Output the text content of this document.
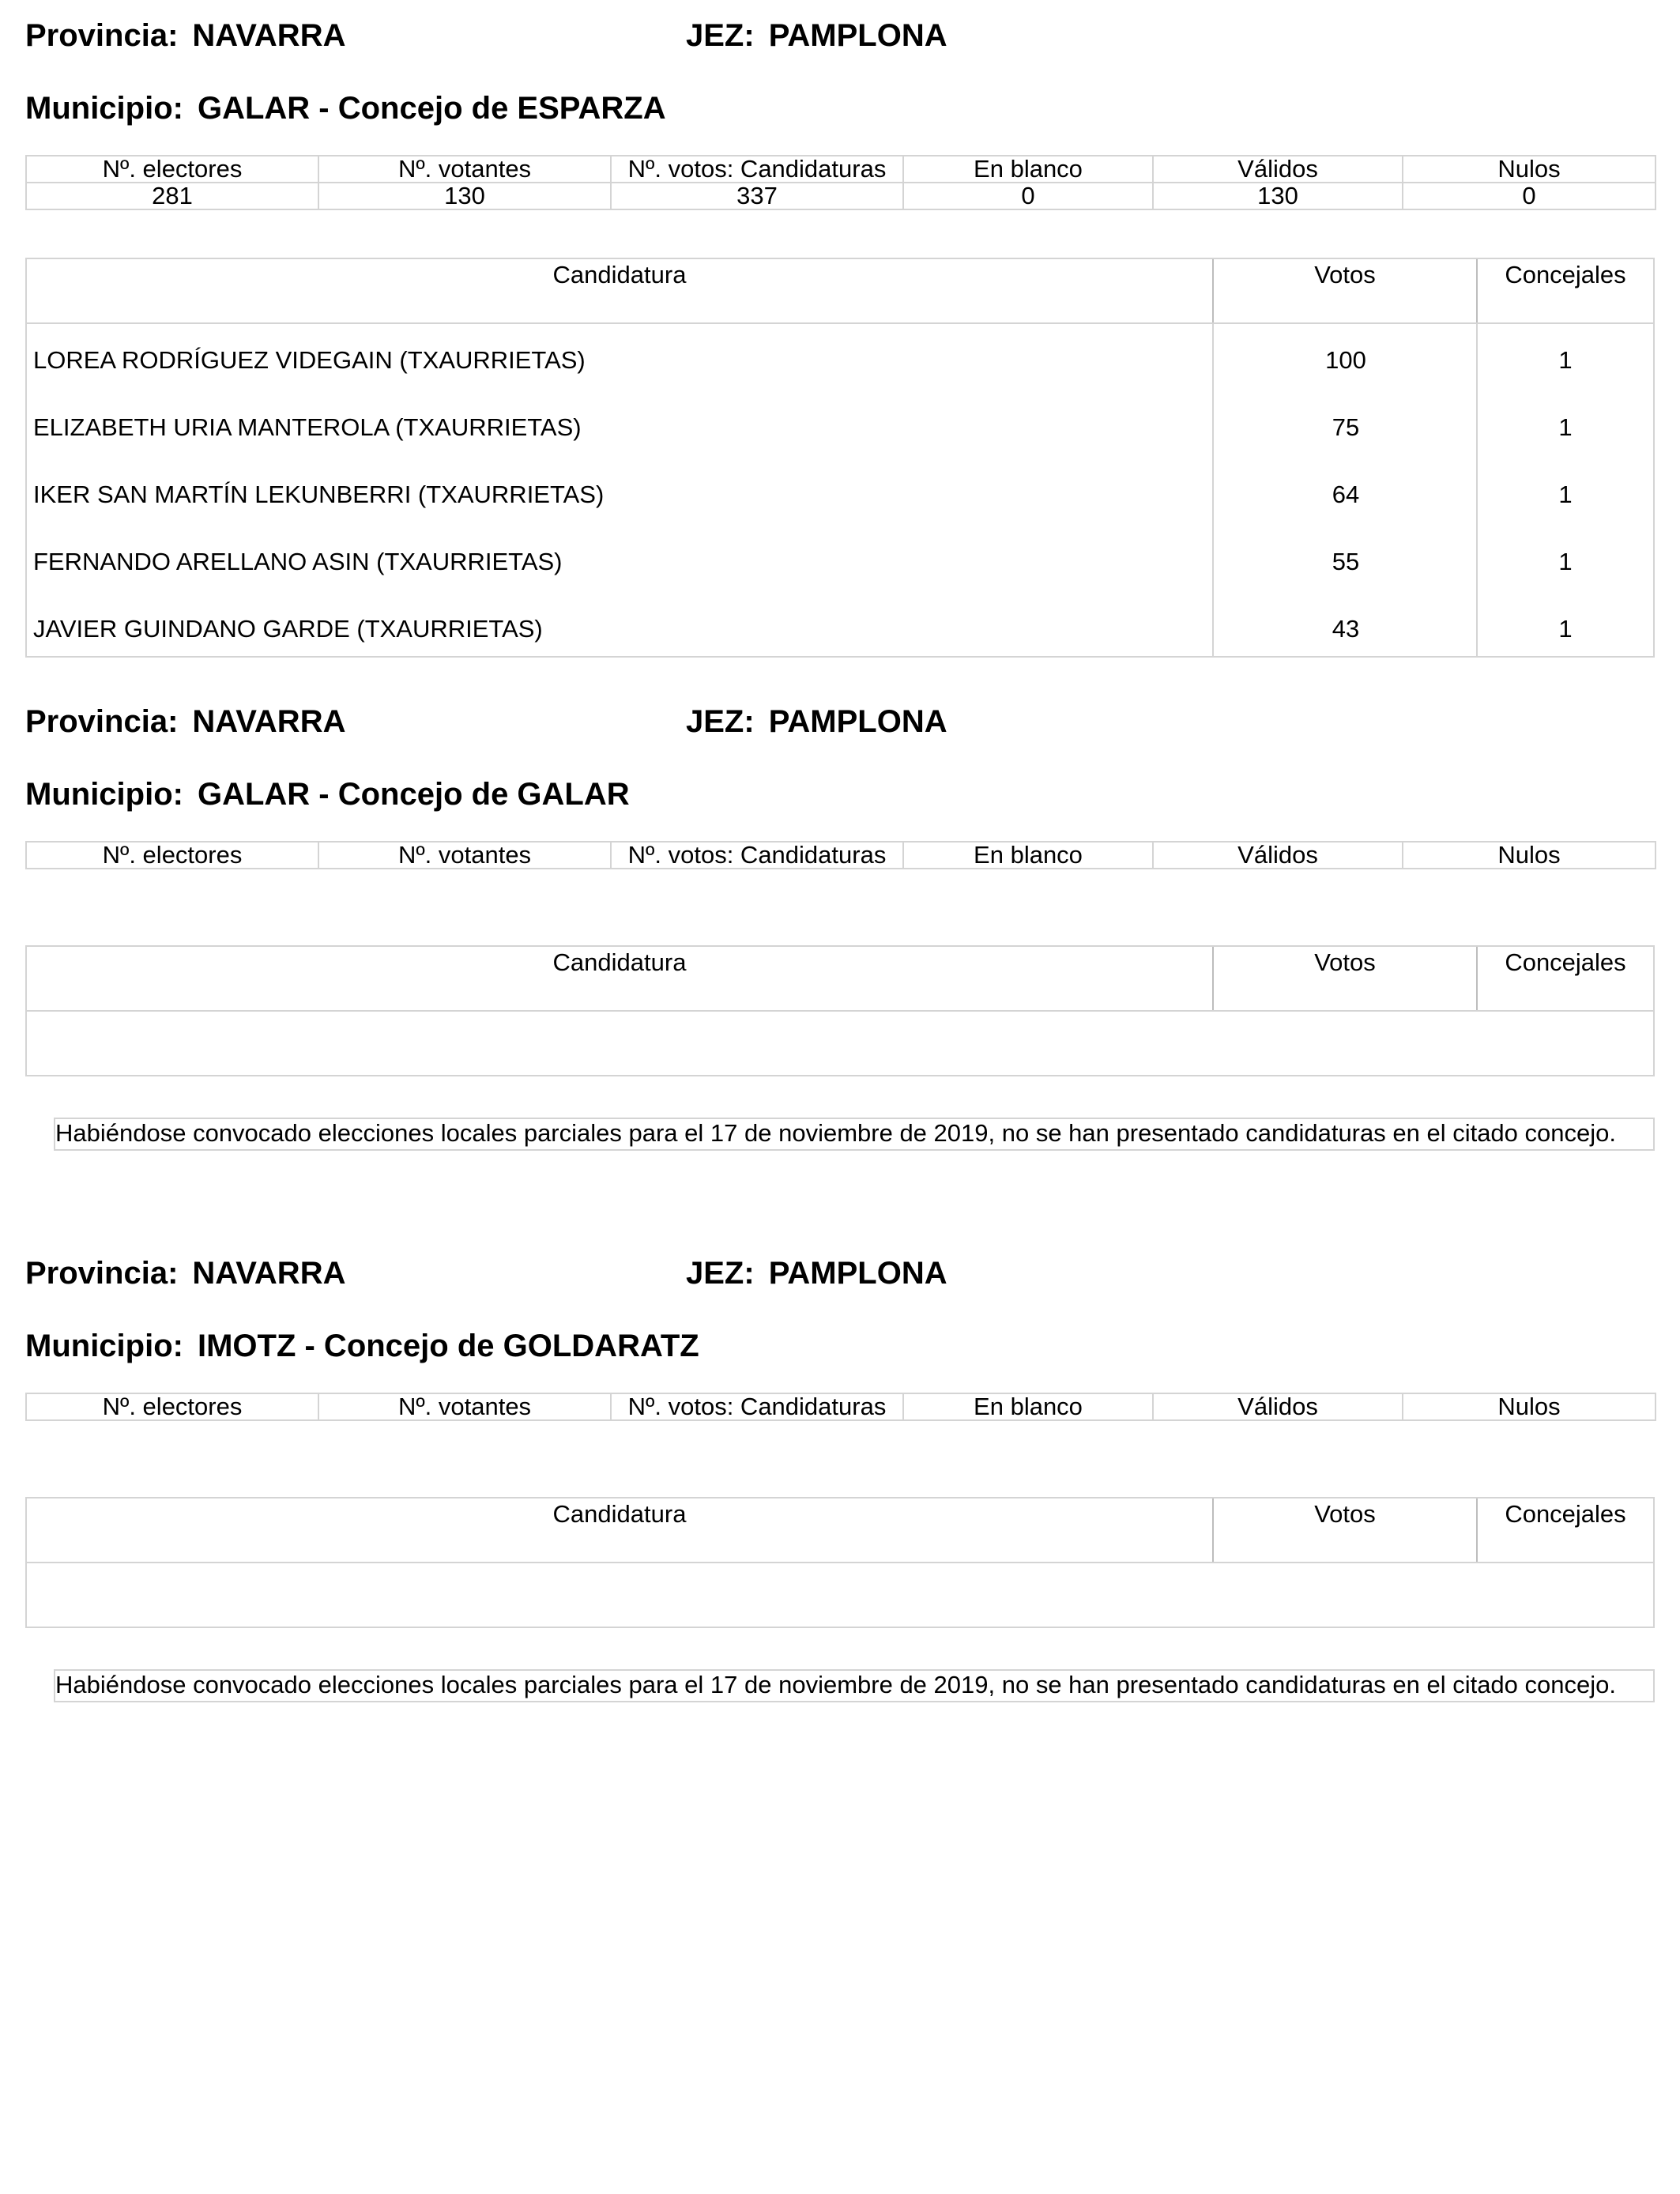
Provincia: NAVARRA	JEZ: PAMPLONA
Municipio: GALAR - Concejo de ESPARZA
Nº. electores	Nº. votantes	Nº. votos: Candidaturas	En blanco	Válidos	Nulos
281	130	337	0	130	0
Candidatura	Votos	Concejales
LOREA RODRÍGUEZ VIDEGAIN (TXAURRIETAS)	100	1
ELIZABETH URIA MANTEROLA (TXAURRIETAS)	75	1
IKER SAN MARTÍN LEKUNBERRI (TXAURRIETAS)	64	1
FERNANDO ARELLANO ASIN (TXAURRIETAS)	55	1
JAVIER GUINDANO GARDE (TXAURRIETAS)	43	1
Provincia: NAVARRA	JEZ: PAMPLONA
Municipio: GALAR - Concejo de GALAR
Nº. electores	Nº. votantes	Nº. votos: Candidaturas	En blanco	Válidos	Nulos
Candidatura	Votos	Concejales
Habiéndose convocado elecciones locales parciales para el 17 de noviembre de 2019, no se han presentado candidaturas en el citado concejo.
Provincia: NAVARRA	JEZ: PAMPLONA
Municipio: IMOTZ - Concejo de GOLDARATZ
Nº. electores	Nº. votantes	Nº. votos: Candidaturas	En blanco	Válidos	Nulos
Candidatura	Votos	Concejales
Habiéndose convocado elecciones locales parciales para el 17 de noviembre de 2019, no se han presentado candidaturas en el citado concejo.
